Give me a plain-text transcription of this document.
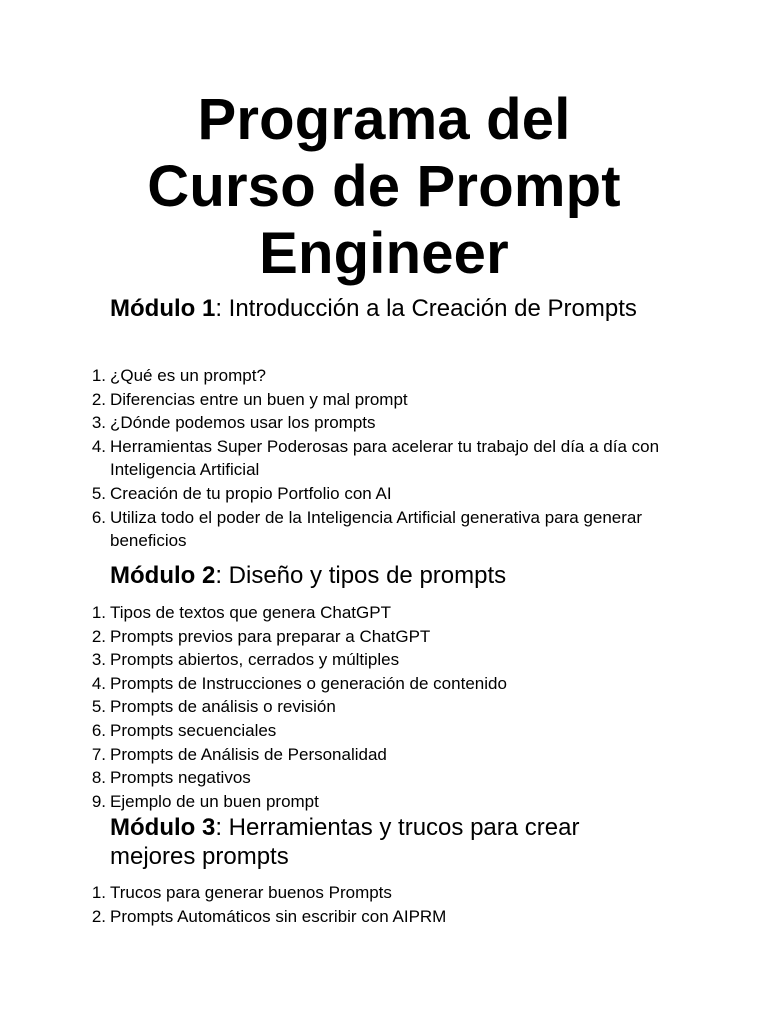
Programa del
Curso de Prompt
Engineer
Módulo 1: Introducción a la Creación de Prompts
1. ¿Qué es un prompt?
2. Diferencias entre un buen y mal prompt
3. ¿Dónde podemos usar los prompts
4. Herramientas Super Poderosas para acelerar tu trabajo del día a día con Inteligencia Artificial
5. Creación de tu propio Portfolio con AI
6. Utiliza todo el poder de la Inteligencia Artificial generativa para generar beneficios
Módulo 2: Diseño y tipos de prompts
1. Tipos de textos que genera ChatGPT
2. Prompts previos para preparar a ChatGPT
3. Prompts abiertos, cerrados y múltiples
4. Prompts de Instrucciones o generación de contenido
5. Prompts de análisis o revisión
6. Prompts secuenciales
7. Prompts de Análisis de Personalidad
8. Prompts negativos
9. Ejemplo de un buen prompt
Módulo 3: Herramientas y trucos para crear mejores prompts
1. Trucos para generar buenos Prompts
2. Prompts Automáticos sin escribir con AIPRM
